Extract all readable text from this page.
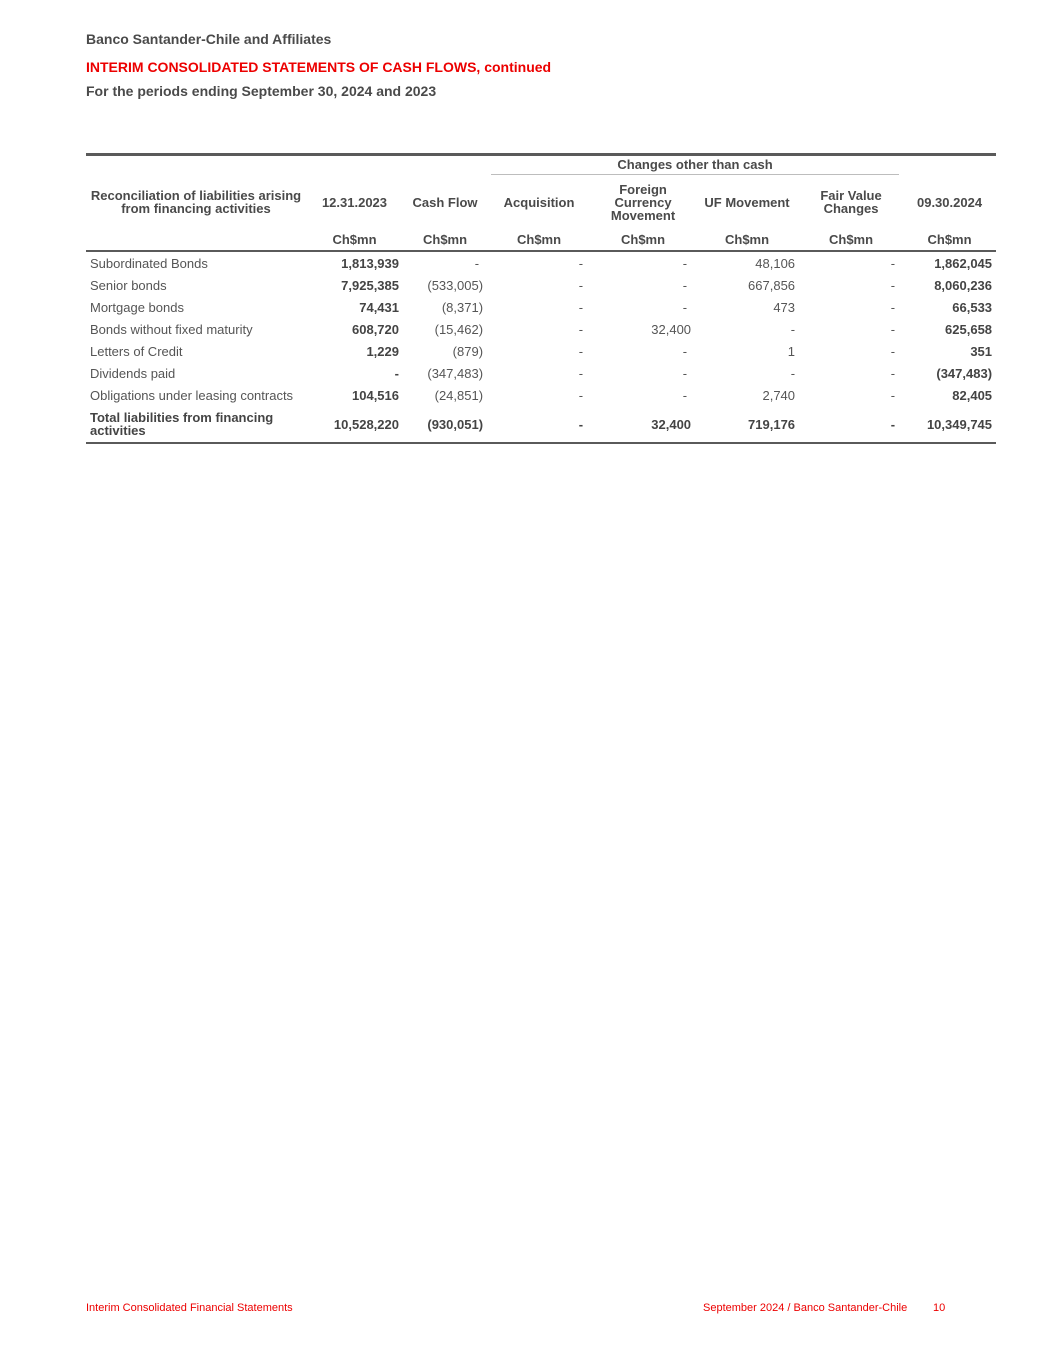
Banco Santander-Chile and Affiliates
INTERIM CONSOLIDATED STATEMENTS OF CASH FLOWS, continued
For the periods ending September 30, 2024 and 2023

			Changes other than cash				

Reconciliation of liabilities arising from financing activities	12.31.2023	Cash Flow	Acquisition	Foreign Currency Movement	UF Movement	Fair Value Changes	09.30.2024
	Ch$mn	Ch$mn	Ch$mn	Ch$mn	Ch$mn	Ch$mn	Ch$mn
Subordinated Bonds	1,813,939	-	-	-	48,106	-	1,862,045
Senior bonds	7,925,385	(533,005)	-	-	667,856	-	8,060,236
Mortgage bonds	74,431	(8,371)	-	-	473	-	66,533
Bonds without fixed maturity	608,720	(15,462)	-	32,400	-	-	625,658
Letters of Credit	1,229	(879)	-	-	1	-	351
Dividends paid	-	(347,483)	-	-	-	-	(347,483)
Obligations under leasing contracts	104,516	(24,851)	-	-	2,740	-	82,405
Total liabilities from financing activities	10,528,220	(930,051)	-	32,400	719,176	-	10,349,745
Interim Consolidated Financial Statements	September 2024 / Banco Santander-Chile 10
